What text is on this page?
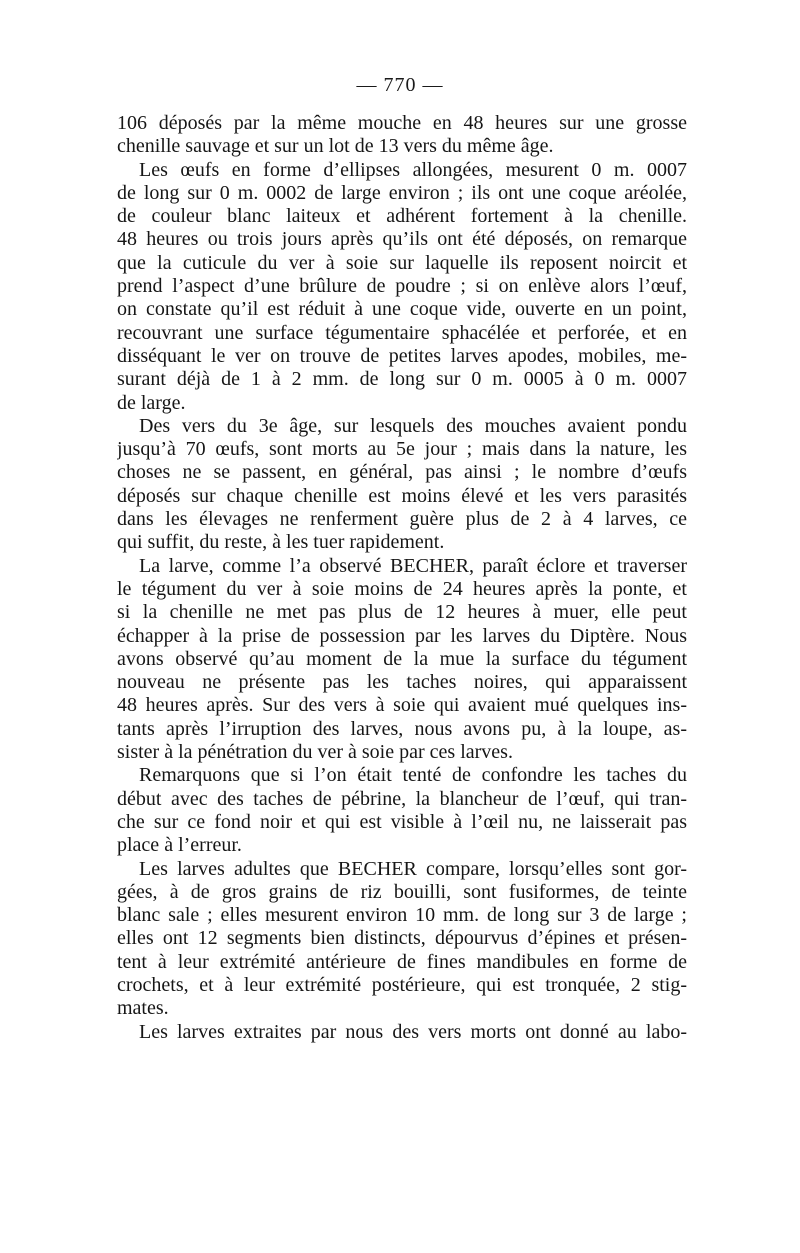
— 770 —

106 déposés par la même mouche en 48 heures sur une grosse

chenille sauvage et sur un lot de 13 vers du même âge.

Les œufs en forme d’ellipses allongées, mesurent 0 m. 0007

de long sur 0 m. 0002 de large environ ; ils ont une coque aréolée,

de couleur blanc laiteux et adhérent fortement à la chenille.

48 heures ou trois jours après qu’ils ont été déposés, on remarque

que la cuticule du ver à soie sur laquelle ils reposent noircit et

prend l’aspect d’une brûlure de poudre ; si on enlève alors l’œuf,

on constate qu’il est réduit à une coque vide, ouverte en un point,

recouvrant une surface tégumentaire sphacélée et perforée, et en

disséquant le ver on trouve de petites larves apodes, mobiles, me-

surant déjà de 1 à 2 mm. de long sur 0 m. 0005 à 0 m. 0007

de large.

Des vers du 3e âge, sur lesquels des mouches avaient pondu

jusqu’à 70 œufs, sont morts au 5e jour ; mais dans la nature, les

choses ne se passent, en général, pas ainsi ; le nombre d’œufs

déposés sur chaque chenille est moins élevé et les vers parasités

dans les élevages ne renferment guère plus de 2 à 4 larves, ce

qui suffit, du reste, à les tuer rapidement.

La larve, comme l’a observé BECHER, paraît éclore et traverser

le tégument du ver à soie moins de 24 heures après la ponte, et

si la chenille ne met pas plus de 12 heures à muer, elle peut

échapper à la prise de possession par les larves du Diptère. Nous

avons observé qu’au moment de la mue la surface du tégument

nouveau ne présente pas les taches noires, qui apparaissent

48 heures après. Sur des vers à soie qui avaient mué quelques ins-

tants après l’irruption des larves, nous avons pu, à la loupe, as-

sister à la pénétration du ver à soie par ces larves.

Remarquons que si l’on était tenté de confondre les taches du

début avec des taches de pébrine, la blancheur de l’œuf, qui tran-

che sur ce fond noir et qui est visible à l’œil nu, ne laisserait pas

place à l’erreur.

Les larves adultes que BECHER compare, lorsqu’elles sont gor-

gées, à de gros grains de riz bouilli, sont fusiformes, de teinte

blanc sale ; elles mesurent environ 10 mm. de long sur 3 de large ;

elles ont 12 segments bien distincts, dépourvus d’épines et présen-

tent à leur extrémité antérieure de fines mandibules en forme de

crochets, et à leur extrémité postérieure, qui est tronquée, 2 stig-

mates.

Les larves extraites par nous des vers morts ont donné au labo-
